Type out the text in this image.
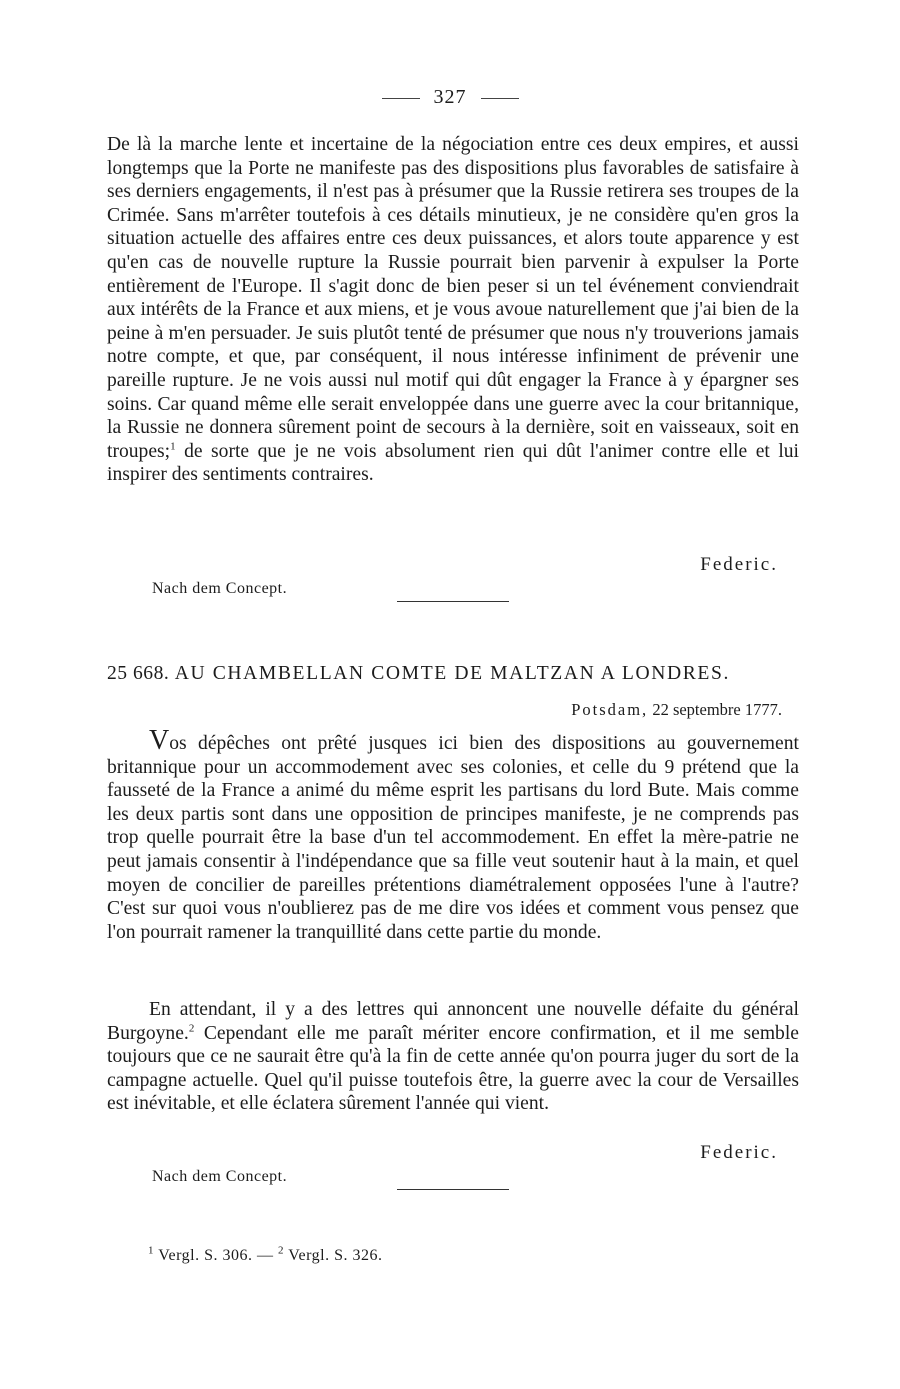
327

De là la marche lente et incertaine de la négociation entre ces deux empires, et aussi longtemps que la Porte ne manifeste pas des dispositions plus favorables de satisfaire à ses derniers engagements, il n'est pas à présumer que la Russie retirera ses troupes de la Crimée. Sans m'arrêter toutefois à ces détails minutieux, je ne considère qu'en gros la situation actuelle des affaires entre ces deux puissances, et alors toute apparence y est qu'en cas de nouvelle rupture la Russie pourrait bien parvenir à expulser la Porte entièrement de l'Europe. Il s'agit donc de bien peser si un tel événement conviendrait aux intérêts de la France et aux miens, et je vous avoue naturellement que j'ai bien de la peine à m'en persuader. Je suis plutôt tenté de présumer que nous n'y trouverions jamais notre compte, et que, par conséquent, il nous intéresse infiniment de prévenir une pareille rupture. Je ne vois aussi nul motif qui dût engager la France à y épargner ses soins. Car quand même elle serait enveloppée dans une guerre avec la cour britannique, la Russie ne donnera sûrement point de secours à la dernière, soit en vaisseaux, soit en troupes;$^1$ de sorte que je ne vois absolument rien qui dût l'animer contre elle et lui inspirer des sentiments contraires.

Federic.
Nach dem Concept.
25 668. AU CHAMBELLAN COMTE DE MALTZAN A LONDRES.
Potsdam, 22 septembre 1777.

Vos dépêches ont prêté jusques ici bien des dispositions au gouvernement britannique pour un accommodement avec ses colonies, et celle du 9 prétend que la fausseté de la France a animé du même esprit les partisans du lord Bute. Mais comme les deux partis sont dans une opposition de principes manifeste, je ne comprends pas trop quelle pourrait être la base d'un tel accommodement. En effet la mère-patrie ne peut jamais consentir à l'indépendance que sa fille veut soutenir haut à la main, et quel moyen de concilier de pareilles prétentions diamétralement opposées l'une à l'autre? C'est sur quoi vous n'oublierez pas de me dire vos idées et comment vous pensez que l'on pourrait ramener la tranquillité dans cette partie du monde.

En attendant, il y a des lettres qui annoncent une nouvelle défaite du général Burgoyne.$^2$ Cependant elle me paraît mériter encore confirmation, et il me semble toujours que ce ne saurait être qu'à la fin de cette année qu'on pourra juger du sort de la campagne actuelle. Quel qu'il puisse toutefois être, la guerre avec la cour de Versailles est inévitable, et elle éclatera sûrement l'année qui vient.

Federic.
Nach dem Concept.
$^1$ Vergl. S. 306. — $^2$ Vergl. S. 326.
